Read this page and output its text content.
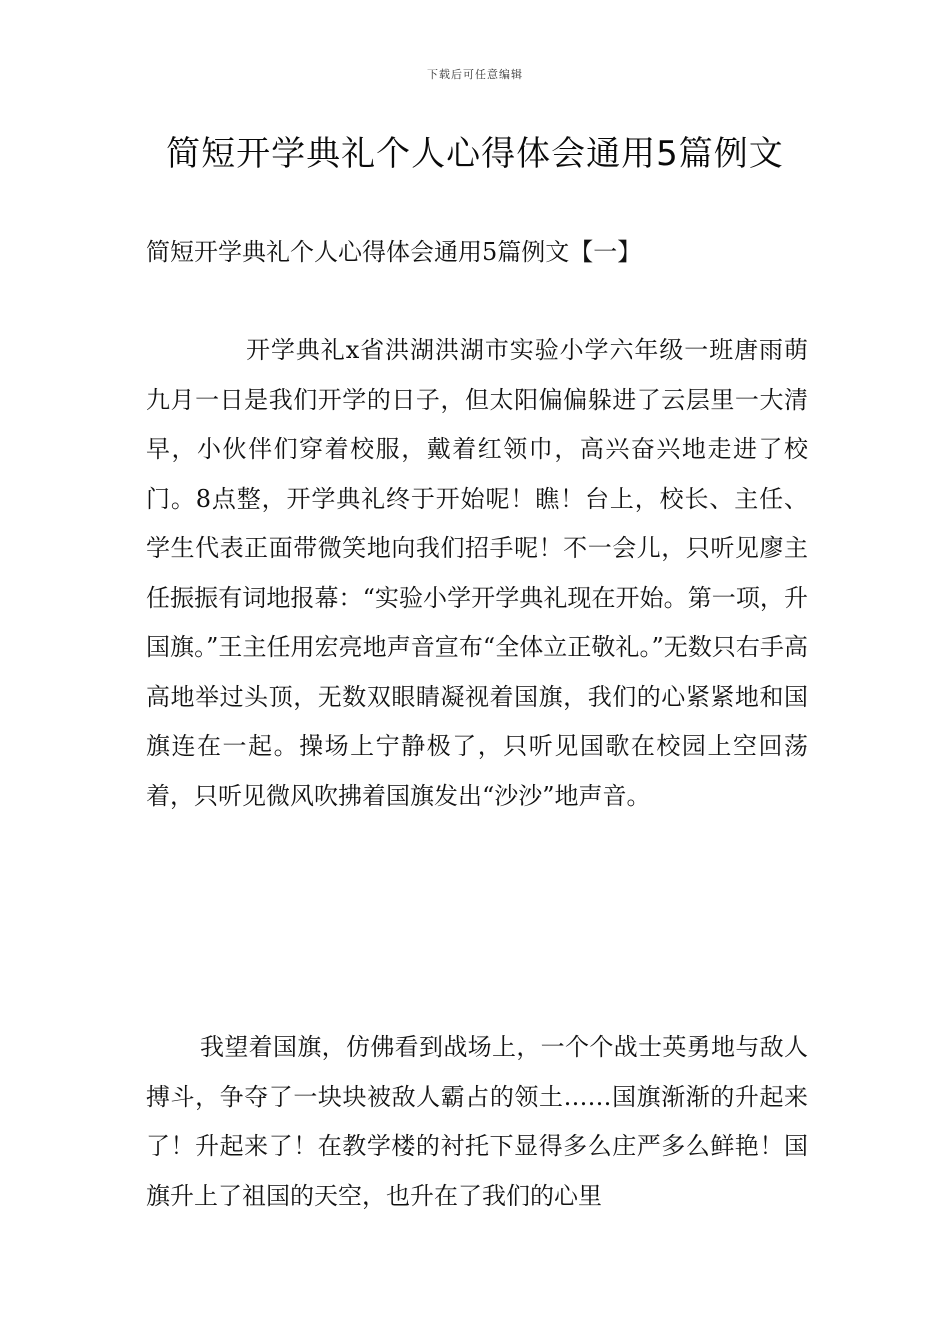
下载后可任意编辑
简短开学典礼个人心得体会通用5篇例文
简短开学典礼个人心得体会通用5篇例文【一】

开学典礼x省洪湖洪湖市实验小学六年级一班唐雨萌九月一日是我们开学的日子，但太阳偏偏躲进了云层里一大清早，小伙伴们穿着校服，戴着红领巾，高兴奋兴地走进了校门。8点整，开学典礼终于开始呢！瞧！台上，校长、主任、学生代表正面带微笑地向我们招手呢！不一会儿，只听见廖主任振振有词地报幕：“实验小学开学典礼现在开始。第一项，升国旗。”王主任用宏亮地声音宣布“全体立正敬礼。”无数只右手高高地举过头顶，无数双眼睛凝视着国旗，我们的心紧紧地和国旗连在一起。操场上宁静极了，只听见国歌在校园上空回荡着，只听见微风吹拂着国旗发出“沙沙”地声音。

我望着国旗，仿佛看到战场上，一个个战士英勇地与敌人搏斗，争夺了一块块被敌人霸占的领土……国旗渐渐的升起来了！升起来了！在教学楼的衬托下显得多么庄严多么鲜艳！国旗升上了祖国的天空，也升在了我们的心里
